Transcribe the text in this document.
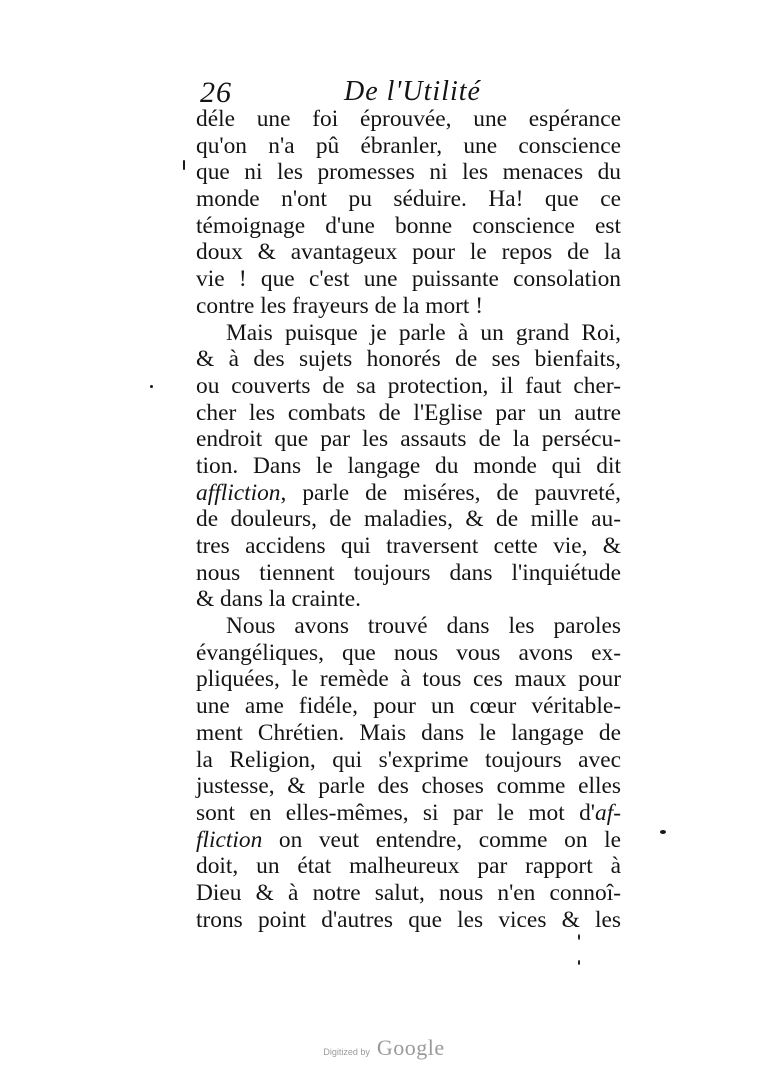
26	De l'Utilité
déle une foi éprouvée, une espérance
qu'on n'a pû ébranler, une conscience
que ni les promesses ni les menaces du
monde n'ont pu séduire. Ha! que ce
témoignage d'une bonne conscience est
doux & avantageux pour le repos de la
vie ! que c'est une puissante consolation
contre les frayeurs de la mort !
Mais puisque je parle à un grand Roi,
& à des sujets honorés de ses bienfaits,
ou couverts de sa protection, il faut cher-
cher les combats de l'Eglise par un autre
endroit que par les assauts de la persécu-
tion. Dans le langage du monde qui dit
affliction, parle de miséres, de pauvreté,
de douleurs, de maladies, & de mille au-
tres accidens qui traversent cette vie, &
nous tiennent toujours dans l'inquiétude
& dans la crainte.
Nous avons trouvé dans les paroles
évangéliques, que nous vous avons ex-
pliquées, le remède à tous ces maux pour
une ame fidéle, pour un cœur véritable-
ment Chrétien. Mais dans le langage de
la Religion, qui s'exprime toujours avec
justesse, & parle des choses comme elles
sont en elles-mêmes, si par le mot d'af-
fliction on veut entendre, comme on le
doit, un état malheureux par rapport à
Dieu & à notre salut, nous n'en connoî-
trons point d'autres que les vices & les
Digitized by Google
